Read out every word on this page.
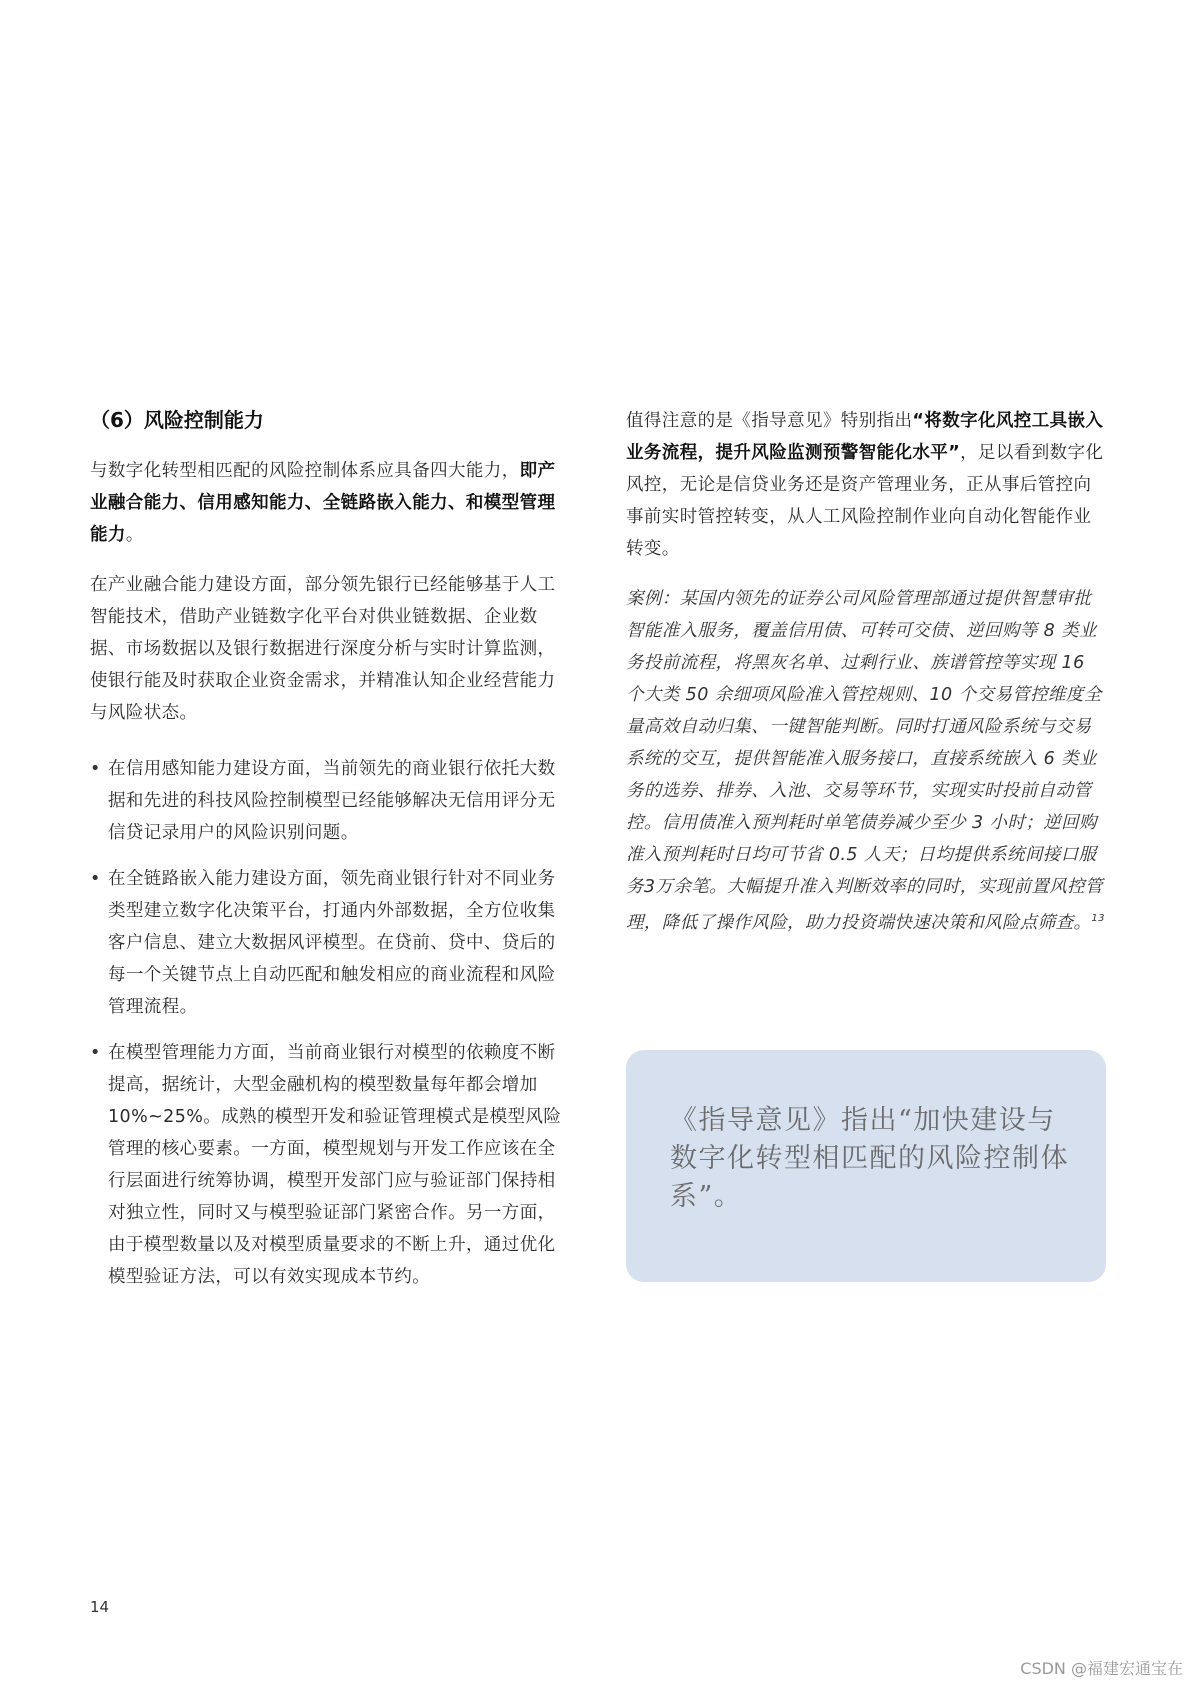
（6）风险控制能力

与数字化转型相匹配的风险控制体系应具备四大能力，即产业融合能力、信用感知能力、全链路嵌入能力、和模型管理能力。

在产业融合能力建设方面，部分领先银行已经能够基于人工智能技术，借助产业链数字化平台对供业链数据、企业数据、市场数据以及银行数据进行深度分析与实时计算监测，使银行能及时获取企业资金需求，并精准认知企业经营能力与风险状态。

• 在信用感知能力建设方面，当前领先的商业银行依托大数据和先进的科技风险控制模型已经能够解决无信用评分无信贷记录用户的风险识别问题。
• 在全链路嵌入能力建设方面，领先商业银行针对不同业务类型建立数字化决策平台，打通内外部数据，全方位收集客户信息、建立大数据风评模型。在贷前、贷中、贷后的每一个关键节点上自动匹配和触发相应的商业流程和风险管理流程。
• 在模型管理能力方面，当前商业银行对模型的依赖度不断提高，据统计，大型金融机构的模型数量每年都会增加10%~25%。成熟的模型开发和验证管理模式是模型风险管理的核心要素。一方面，模型规划与开发工作应该在全行层面进行统筹协调，模型开发部门应与验证部门保持相对独立性，同时又与模型验证部门紧密合作。另一方面，由于模型数量以及对模型质量要求的不断上升，通过优化模型验证方法，可以有效实现成本节约。

值得注意的是《指导意见》特别指出“将数字化风控工具嵌入业务流程，提升风险监测预警智能化水平”，足以看到数字化风控，无论是信贷业务还是资产管理业务，正从事后管控向事前实时管控转变，从人工风险控制作业向自动化智能作业转变。

案例：某国内领先的证券公司风险管理部通过提供智慧审批智能准入服务，覆盖信用债、可转可交债、逆回购等 8 类业务投前流程，将黑灰名单、过剩行业、族谱管控等实现 16 个大类 50 余细项风险准入管控规则、10 个交易管控维度全量高效自动归集、一键智能判断。同时打通风险系统与交易系统的交互，提供智能准入服务接口，直接系统嵌入 6 类业务的选券、排券、入池、交易等环节，实现实时投前自动管控。信用债准入预判耗时单笔债券减少至少 3 小时；逆回购准入预判耗时日均可节省 0.5 人天；日均提供系统间接口服务3万余笔。大幅提升准入判断效率的同时，实现前置风控管理，降低了操作风险，助力投资端快速决策和风险点筛查。$^{13}$

《指导意见》指出“加快建设与数字化转型相匹配的风险控制体系”。
14
CSDN @福建宏通宝在
